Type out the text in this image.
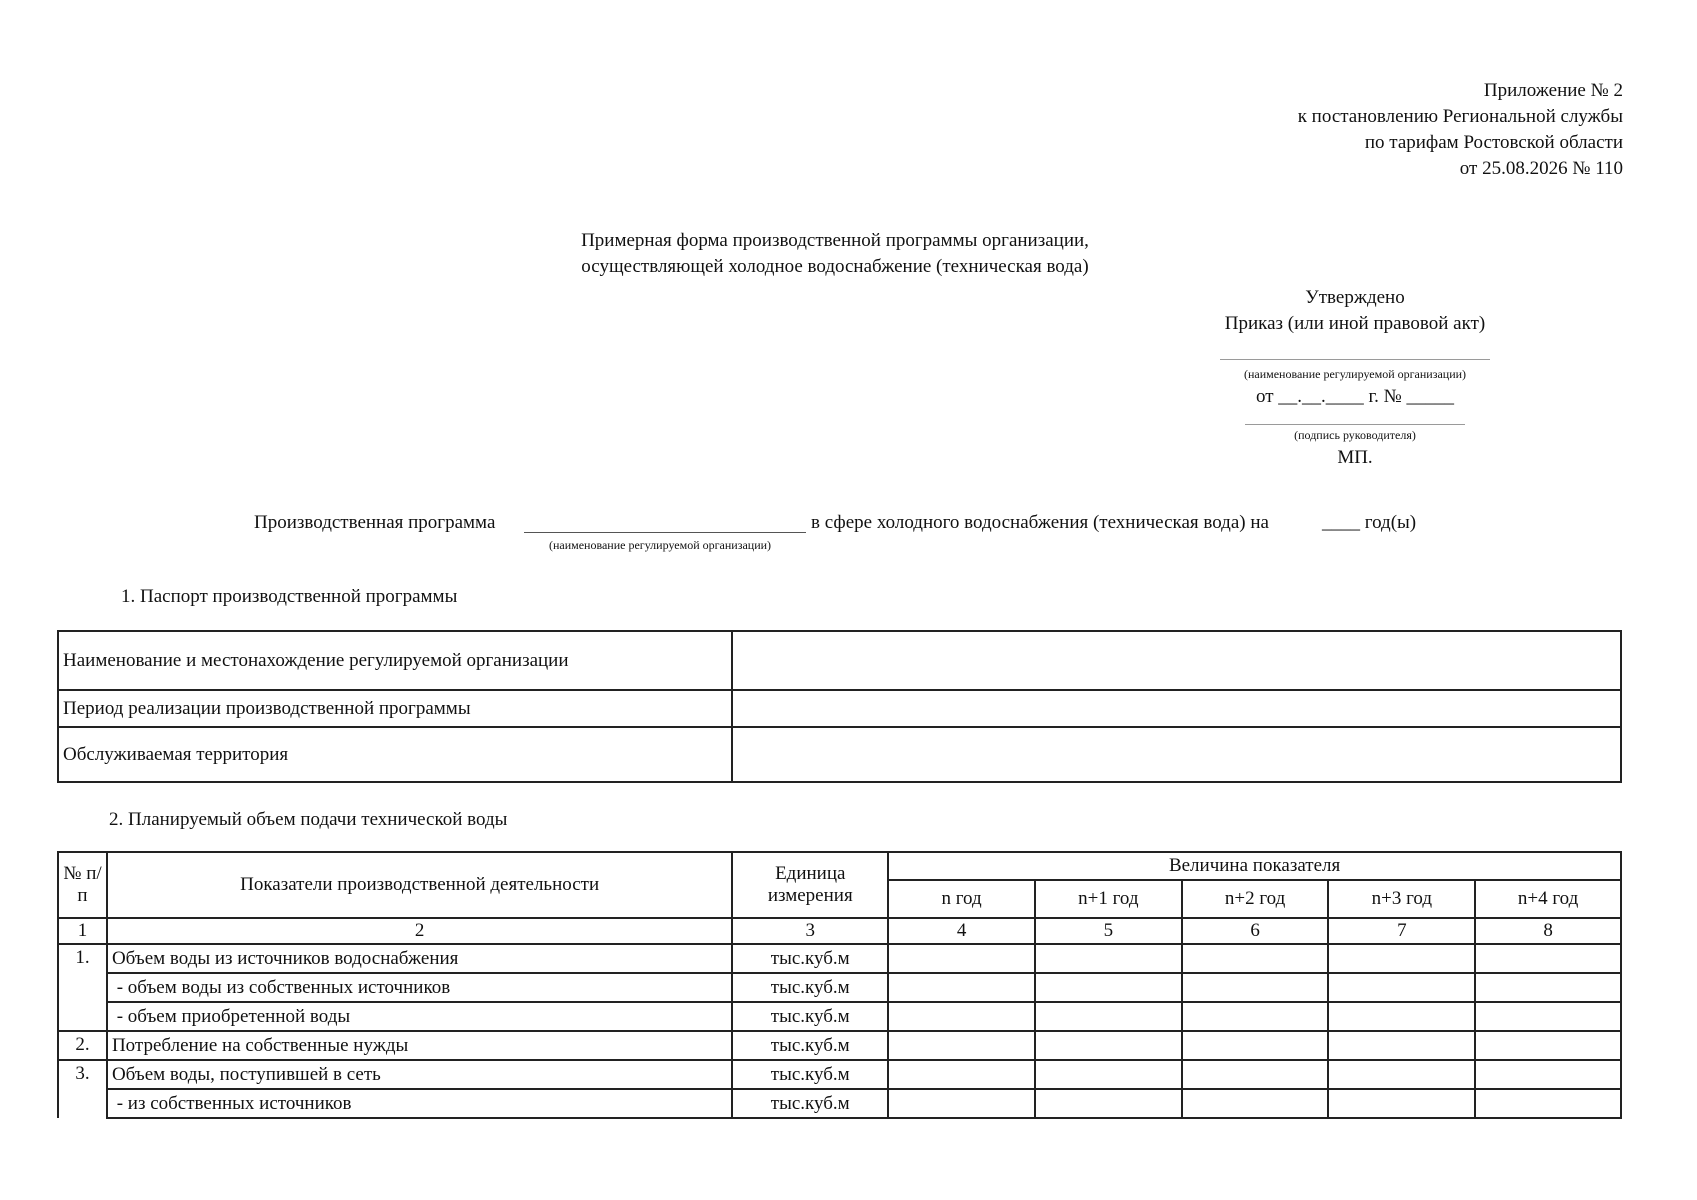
Приложение № 2
к постановлению Региональной службы
по тарифам Ростовской области
от 25.08.2026 № 110
Примерная форма производственной программы организации,
осуществляющей холодное водоснабжение (техническая вода)
Утверждено
Приказ (или иной правовой акт)
(наименование регулируемой организации)
от __.__.____ г. № _____
(подпись руководителя)
МП.
Производственная программа	в сфере холодного водоснабжения (техническая вода) на	____ год(ы)
(наименование регулируемой организации)
1. Паспорт производственной программы
Наименование и местонахождение регулируемой организации	
Период реализации производственной программы	
Обслуживаемая территория	
2. Планируемый объем подачи технической воды
№ п/п	Показатели производственной деятельности	Единица измерения	Величина показателя				
			n год	n+1 год	n+2 год	n+3 год	n+4 год
1	2	3	4	5	6	7	8
1.	Объем воды из источников водоснабжения	тыс.куб.м					
	- объем воды из собственных источников	тыс.куб.м					
	- объем приобретенной воды	тыс.куб.м					
2.	Потребление на собственные нужды	тыс.куб.м					
3.	Объем воды, поступившей в сеть	тыс.куб.м					
	- из собственных источников	тыс.куб.м					
